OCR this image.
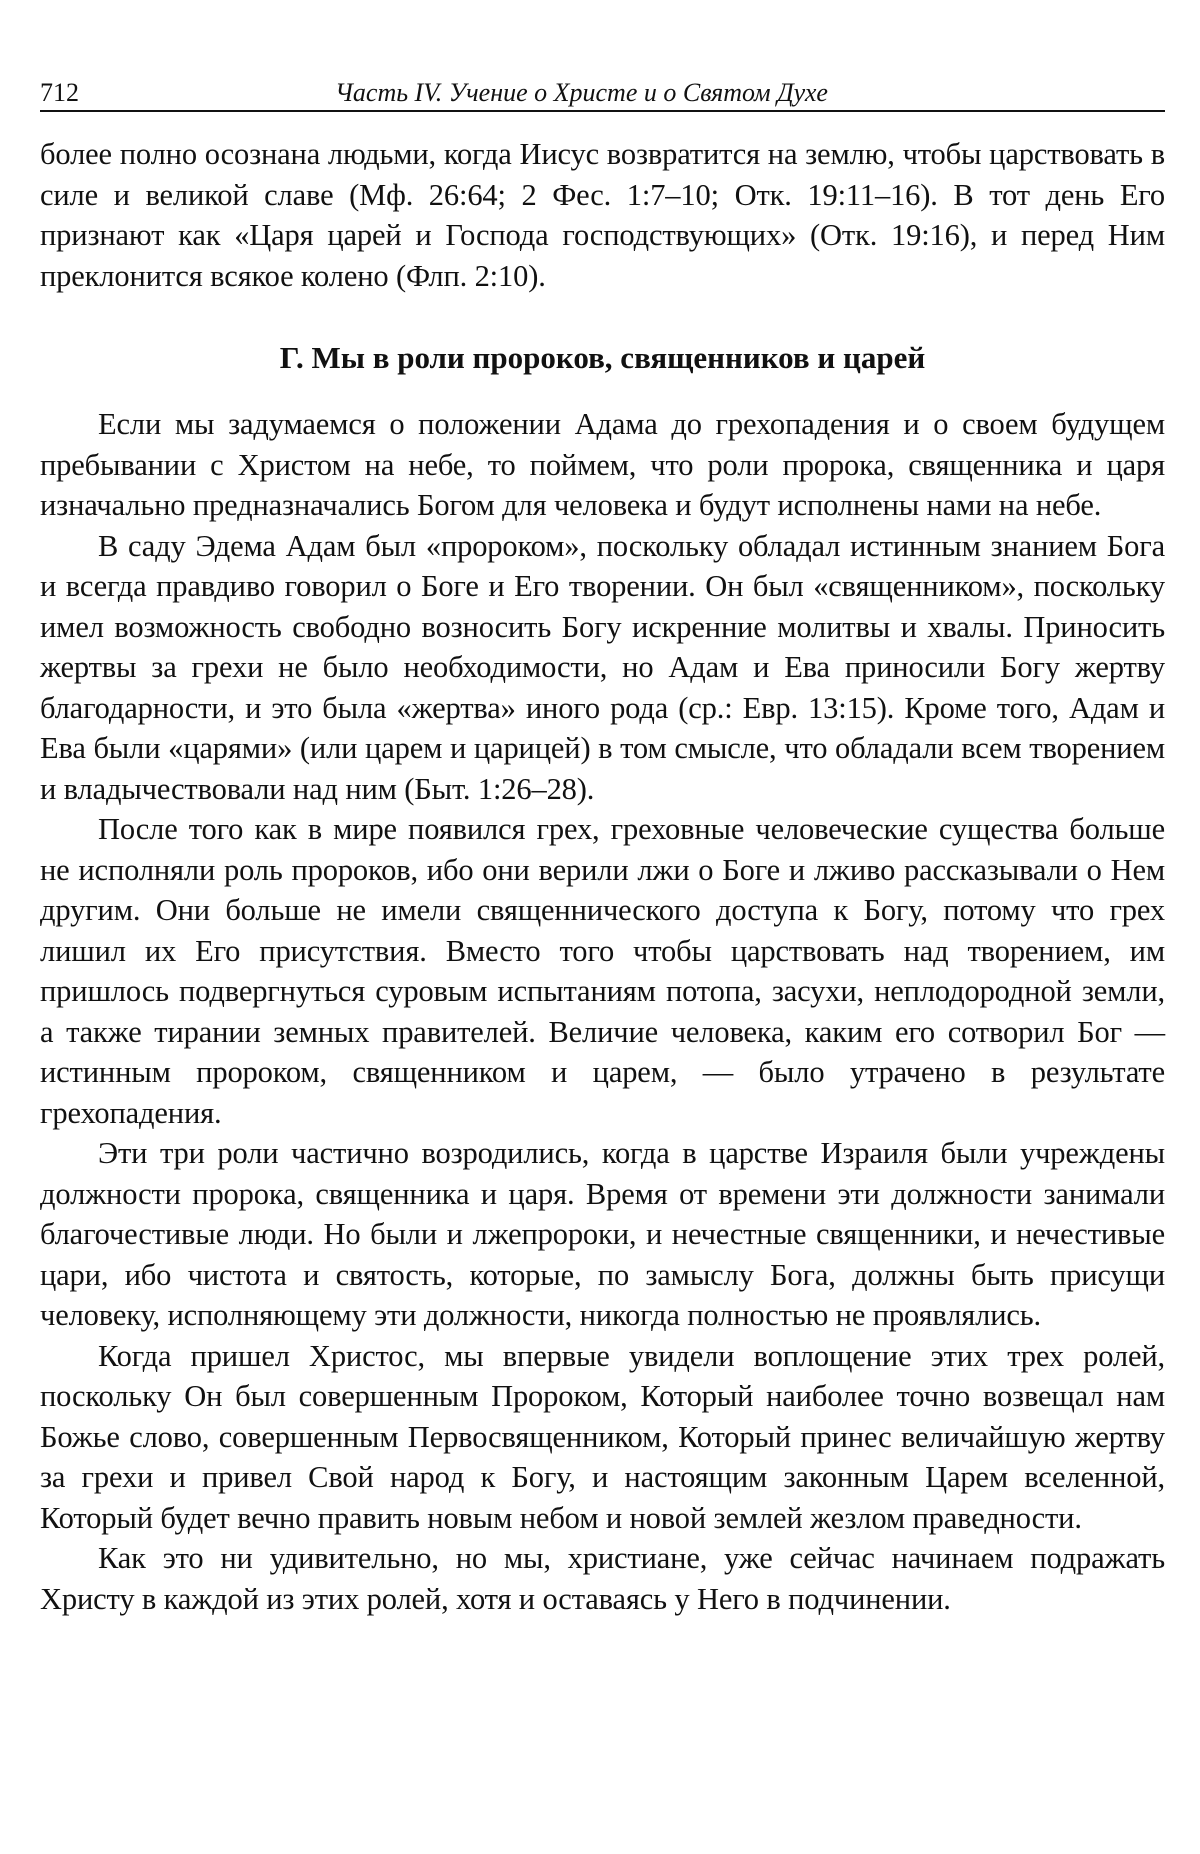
712	Часть IV. Учение о Христе и о Святом Духе

более полно осознана людьми, когда Иисус возвратится на землю, чтобы царствовать в силе и великой славе (Мф. 26:64; 2 Фес. 1:7–10; Отк. 19:11–16). В тот день Его признают как «Царя царей и Господа господствующих» (Отк. 19:16), и перед Ним преклонится всякое колено (Флп. 2:10).

Г. Мы в роли пророков, священников и царей

Если мы задумаемся о положении Адама до грехопадения и о своем будущем пребывании с Христом на небе, то поймем, что роли пророка, священника и царя изначально предназначались Богом для человека и будут исполнены нами на небе.

В саду Эдема Адам был «пророком», поскольку обладал истинным знанием Бога и всегда правдиво говорил о Боге и Его творении. Он был «священником», поскольку имел возможность свободно возносить Богу искренние молитвы и хвалы. Приносить жертвы за грехи не было необходимости, но Адам и Ева приносили Богу жертву благодарности, и это была «жертва» иного рода (ср.: Евр. 13:15). Кроме того, Адам и Ева были «царями» (или царем и царицей) в том смысле, что обладали всем творением и владычествовали над ним (Быт. 1:26–28).

После того как в мире появился грех, греховные человеческие существа больше не исполняли роль пророков, ибо они верили лжи о Боге и лживо рассказывали о Нем другим. Они больше не имели священнического доступа к Богу, потому что грех лишил их Его присутствия. Вместо того чтобы царствовать над творением, им пришлось подвергнуться суровым испытаниям потопа, засухи, неплодородной земли, а также тирании земных правителей. Величие человека, каким его сотворил Бог — истинным пророком, священником и царем, — было утрачено в результате грехопадения.

Эти три роли частично возродились, когда в царстве Израиля были учреждены должности пророка, священника и царя. Время от времени эти должности занимали благочестивые люди. Но были и лжепророки, и нечестные священники, и нечестивые цари, ибо чистота и святость, которые, по замыслу Бога, должны быть присущи человеку, исполняющему эти должности, никогда полностью не проявлялись.

Когда пришел Христос, мы впервые увидели воплощение этих трех ролей, поскольку Он был совершенным Пророком, Который наиболее точно возвещал нам Божье слово, совершенным Первосвященником, Который принес величайшую жертву за грехи и привел Свой народ к Богу, и настоящим законным Царем вселенной, Который будет вечно править новым небом и новой землей жезлом праведности.

Как это ни удивительно, но мы, христиане, уже сейчас начинаем подражать Христу в каждой из этих ролей, хотя и оставаясь у Него в подчинении.
